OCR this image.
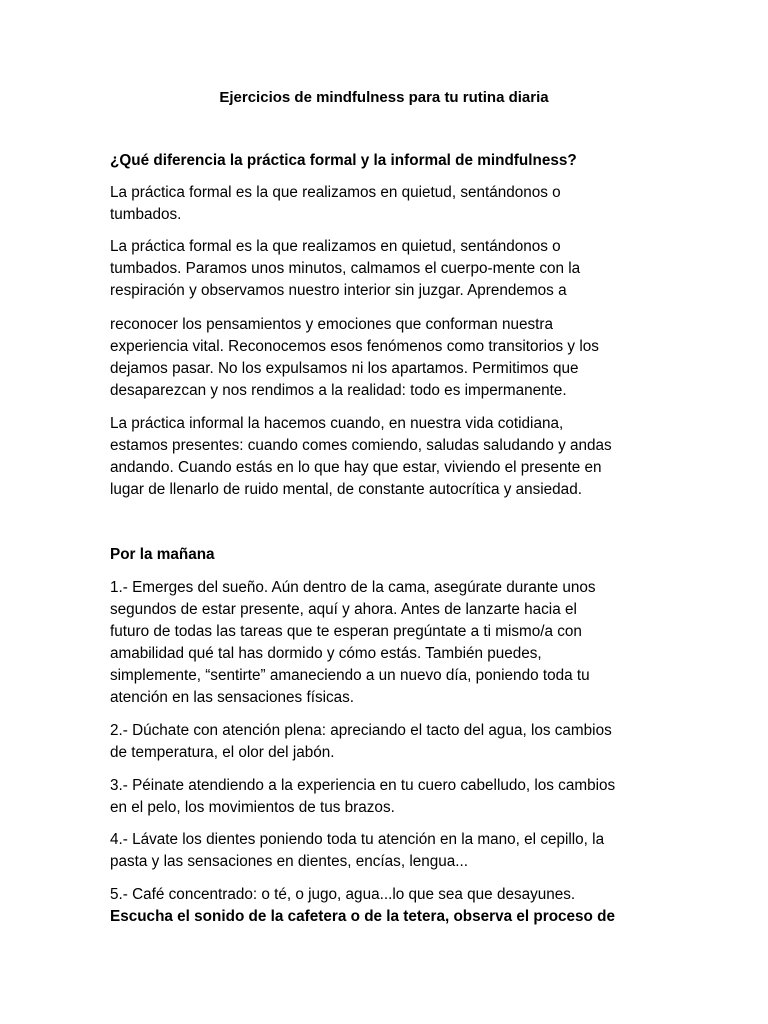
Ejercicios de mindfulness para tu rutina diaria
¿Qué diferencia la práctica formal y la informal de mindfulness?
La práctica formal es la que realizamos en quietud, sentándonos o
tumbados.
La práctica formal es la que realizamos en quietud, sentándonos o
tumbados. Paramos unos minutos, calmamos el cuerpo-mente con la
respiración y observamos nuestro interior sin juzgar. Aprendemos a
reconocer los pensamientos y emociones que conforman nuestra
experiencia vital. Reconocemos esos fenómenos como transitorios y los
dejamos pasar. No los expulsamos ni los apartamos. Permitimos que
desaparezcan y nos rendimos a la realidad: todo es impermanente.
La práctica informal la hacemos cuando, en nuestra vida cotidiana,
estamos presentes: cuando comes comiendo, saludas saludando y andas
andando. Cuando estás en lo que hay que estar, viviendo el presente en
lugar de llenarlo de ruido mental, de constante autocrítica y ansiedad.
Por la mañana
1.- Emerges del sueño. Aún dentro de la cama, asegúrate durante unos
segundos de estar presente, aquí y ahora. Antes de lanzarte hacia el
futuro de todas las tareas que te esperan pregúntate a ti mismo/a con
amabilidad qué tal has dormido y cómo estás. También puedes,
simplemente, “sentirte” amaneciendo a un nuevo día, poniendo toda tu
atención en las sensaciones físicas.
2.- Dúchate con atención plena: apreciando el tacto del agua, los cambios
de temperatura, el olor del jabón.
3.- Péinate atendiendo a la experiencia en tu cuero cabelludo, los cambios
en el pelo, los movimientos de tus brazos.
4.- Lávate los dientes poniendo toda tu atención en la mano, el cepillo, la
pasta y las sensaciones en dientes, encías, lengua...
5.- Café concentrado: o té, o jugo, agua...lo que sea que desayunes.
Escucha el sonido de la cafetera o de la tetera, observa el proceso de
